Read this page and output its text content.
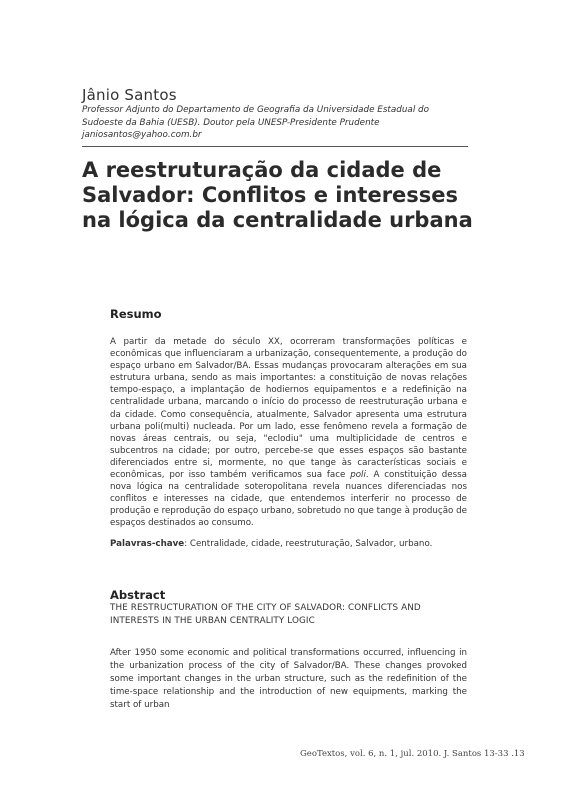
Jânio Santos
Professor Adjunto do Departamento de Geografia da Universidade Estadual do Sudoeste da Bahia (UESB). Doutor pela UNESP-Presidente Prudente
janiosantos@yahoo.com.br
A reestruturação da cidade de Salvador: Conflitos e interesses na lógica da centralidade urbana
Resumo
A partir da metade do século XX, ocorreram transformações políticas e econômicas que influenciaram a urbanização, consequentemente, a produção do espaço urbano em Salvador/BA. Essas mudanças provocaram alterações em sua estrutura urbana, sendo as mais importantes: a constituição de novas relações tempo-espaço, a implantação de hodiernos equipamentos e a redefinição na centralidade urbana, marcando o início do processo de reestruturação urbana e da cidade. Como consequência, atualmente, Salvador apresenta uma estrutura urbana poli(multi) nucleada. Por um lado, esse fenômeno revela a formação de novas áreas centrais, ou seja, "eclodiu" uma multiplicidade de centros e subcentros na cidade; por outro, percebe-se que esses espaços são bastante diferenciados entre si, mormente, no que tange às características sociais e econômicas, por isso também verificamos sua face poli. A constituição dessa nova lógica na centralidade soteropolitana revela nuances diferenciadas nos conflitos e interesses na cidade, que entendemos interferir no processo de produção e reprodução do espaço urbano, sobretudo no que tange à produção de espaços destinados ao consumo.
Palavras-chave: Centralidade, cidade, reestruturação, Salvador, urbano.
Abstract
THE RESTRUCTURATION OF THE CITY OF SALVADOR: CONFLICTS AND INTERESTS IN THE URBAN CENTRALITY LOGIC
After 1950 some economic and political transformations occurred, influencing in the urbanization process of the city of Salvador/BA. These changes provoked some important changes in the urban structure, such as the redefinition of the time-space relationship and the introduction of new equipments, marking the start of urban
GeoTextos, vol. 6, n. 1, jul. 2010. J. Santos 13-33 .13
